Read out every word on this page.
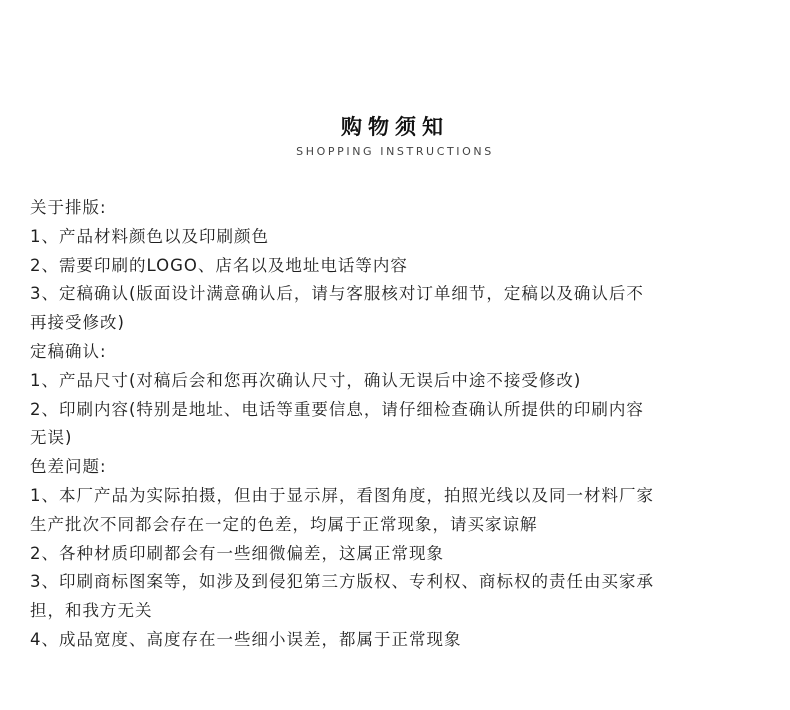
购物须知
SHOPPING INSTRUCTIONS
关于排版:
1、产品材料颜色以及印刷颜色
2、需要印刷的LOGO、店名以及地址电话等内容
3、定稿确认(版面设计满意确认后，请与客服核对订单细节，定稿以及确认后不
再接受修改)
定稿确认:
1、产品尺寸(对稿后会和您再次确认尺寸，确认无误后中途不接受修改)
2、印刷内容(特别是地址、电话等重要信息，请仔细检查确认所提供的印刷内容
无误)
色差问题:
1、本厂产品为实际拍摄，但由于显示屏，看图角度，拍照光线以及同一材料厂家
生产批次不同都会存在一定的色差，均属于正常现象，请买家谅解
2、各种材质印刷都会有一些细微偏差，这属正常现象
3、印刷商标图案等，如涉及到侵犯第三方版权、专利权、商标权的责任由买家承
担，和我方无关
4、成品宽度、高度存在一些细小误差，都属于正常现象
